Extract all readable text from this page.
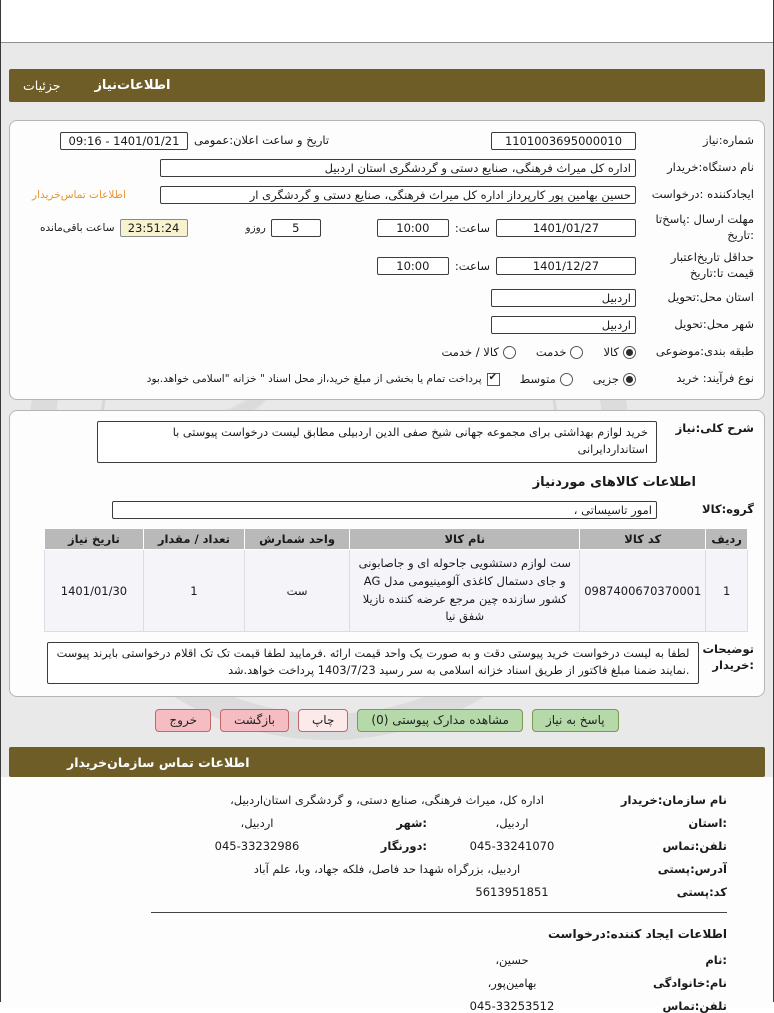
جزئیات	اطلاعات‌نیاز
شماره:نیاز
1101003695000010
تاریخ و ساعت اعلان:عمومی
09:16 - 1401/01/21
نام دستگاه:خریدار
اداره کل میراث فرهنگی، صنایع دستی و گردشگری استان اردبیل
ایجادکننده :درخواست
حسین بهامین پور کارپرداز اداره کل میراث فرهنگی، صنایع دستی و گردشگری ار
اطلاعات تماس‌خریدار
مهلت ارسال :پاسخ‌تا :تاریخ
1401/01/27
ساعت:
10:00
5
روزو
23:51:24
ساعت باقی‌مانده
حداقل تاریخ‌اعتبار قیمت تا:تاریخ
1401/12/27
ساعت:
10:00
استان محل:تحویل
اردبیل
شهر محل:تحویل
اردبیل
طبقه بندی:موضوعی
کالا
خدمت
کالا / خدمت
نوع فرآیند: خرید
جزیی
متوسط
✔
پرداخت تمام یا بخشی از مبلغ خرید،از محل اسناد " خزانه "اسلامی خواهد.بود
شرح کلی:نیاز
خرید لوازم بهداشتی برای مجموعه جهانی شیخ صفی الدین اردبیلی مطابق لیست درخواست پیوستی با استانداردایرانی
اطلاعات کالاهای موردنیاز
گروه:کالا
امور تاسیساتی ،
ردیف	کد کالا	نام کالا	واحد شمارش	تعداد / مقدار	تاریخ نیاز
1	0987400670370001	ست لوازم دستشویی جاحوله ای و جاصابونی و جای دستمال کاغذی آلومینیومی مدل AG کشور سازنده چین مرجع عرضه کننده نازیلا شفق نیا	ست	1	1401/01/30
توضیحات :خریدار
لطفا به لیست درخواست خرید پیوستی دقت و به صورت یک واحد قیمت ارائه .فرمایید لطفا قیمت تک تک اقلام درخواستی بایرند پیوست .نمایند ضمنا مبلغ فاکتور از طریق اسناد خزانه اسلامی به سر رسید 1403/7/23 پرداخت خواهد.شد
پاسخ به نیاز
مشاهده مدارک پیوستی (0)
چاپ
بازگشت
خروج
اطلاعات تماس سازمان‌خریدار
نام سازمان:خریدار
اداره کل، میراث فرهنگی، صنایع دستی، و گردشگری استان‌اردبیل،
:استان
اردبیل،
:شهر
اردبیل،
تلفن:تماس
045-33241070
:دورنگار
045-33232986
آدرس:پستی
اردبیل، بزرگراه شهدا حد فاصل، فلکه جهاد، وبا، علم آباد
کد:پستی
5613951851
اطلاعات ایجاد کننده:درخواست
:نام
حسین،
نام:خانوادگی
بهامین‌پور،
تلفن:تماس
045-33253512
